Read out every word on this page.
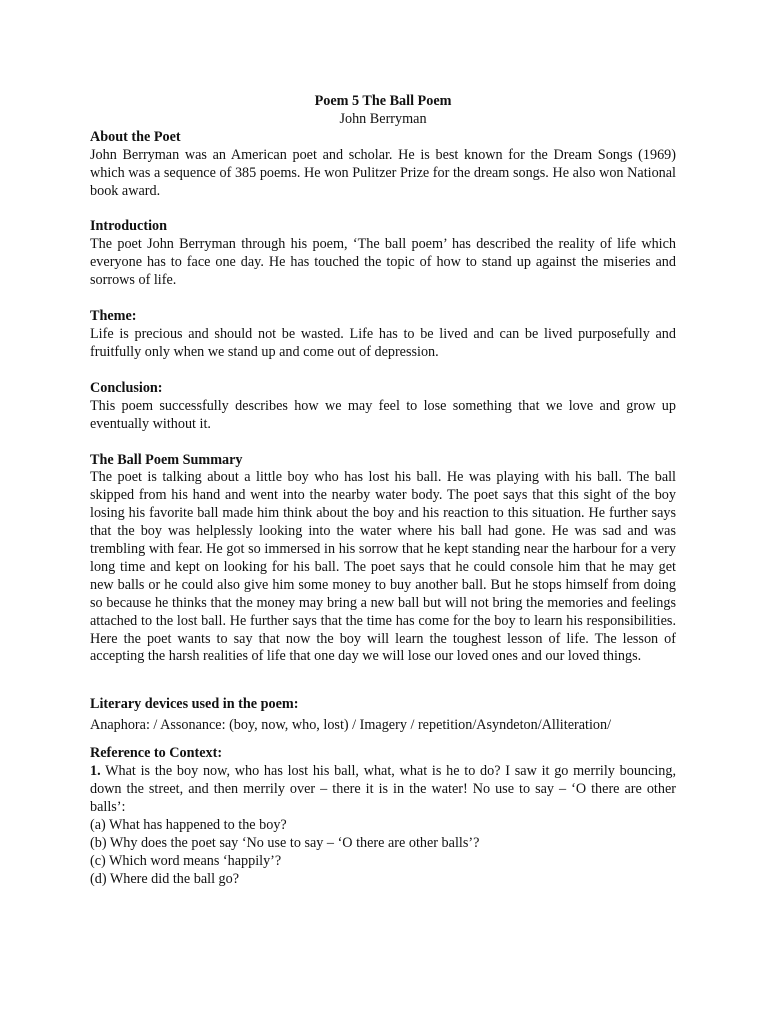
Poem 5 The Ball Poem
John Berryman
About the Poet

John Berryman was an American poet and scholar. He is best known for the Dream Songs (1969) which was a sequence of 385 poems. He won Pulitzer Prize for the dream songs. He also won National book award.

Introduction

The poet John Berryman through his poem, ‘The ball poem’ has described the reality of life which everyone has to face one day. He has touched the topic of how to stand up against the miseries and sorrows of life.

Theme:

Life is precious and should not be wasted. Life has to be lived and can be lived purposefully and fruitfully only when we stand up and come out of depression.

Conclusion:

This poem successfully describes how we may feel to lose something that we love and grow up eventually without it.

The Ball Poem Summary

The poet is talking about a little boy who has lost his ball. He was playing with his ball. The ball skipped from his hand and went into the nearby water body. The poet says that this sight of the boy losing his favorite ball made him think about the boy and his reaction to this situation. He further says that the boy was helplessly looking into the water where his ball had gone. He was sad and was trembling with fear. He got so immersed in his sorrow that he kept standing near the harbour for a very long time and kept on looking for his ball. The poet says that he could console him that he may get new balls or he could also give him some money to buy another ball. But he stops himself from doing so because he thinks that the money may bring a new ball but will not bring the memories and feelings attached to the lost ball. He further says that the time has come for the boy to learn his responsibilities. Here the poet wants to say that now the boy will learn the toughest lesson of life. The lesson of accepting the harsh realities of life that one day we will lose our loved ones and our loved things.

Literary devices used in the poem:

Anaphora: / Assonance: (boy, now, who, lost) / Imagery / repetition/Asyndeton/Alliteration/

Reference to Context:

1. What is the boy now, who has lost his ball, what, what is he to do? I saw it go merrily bouncing, down the street, and then merrily over – there it is in the water! No use to say – ‘O there are other balls’:

(a) What has happened to the boy?

(b) Why does the poet say ‘No use to say – ‘O there are other balls’?

(c) Which word means ‘happily’?

(d) Where did the ball go?
